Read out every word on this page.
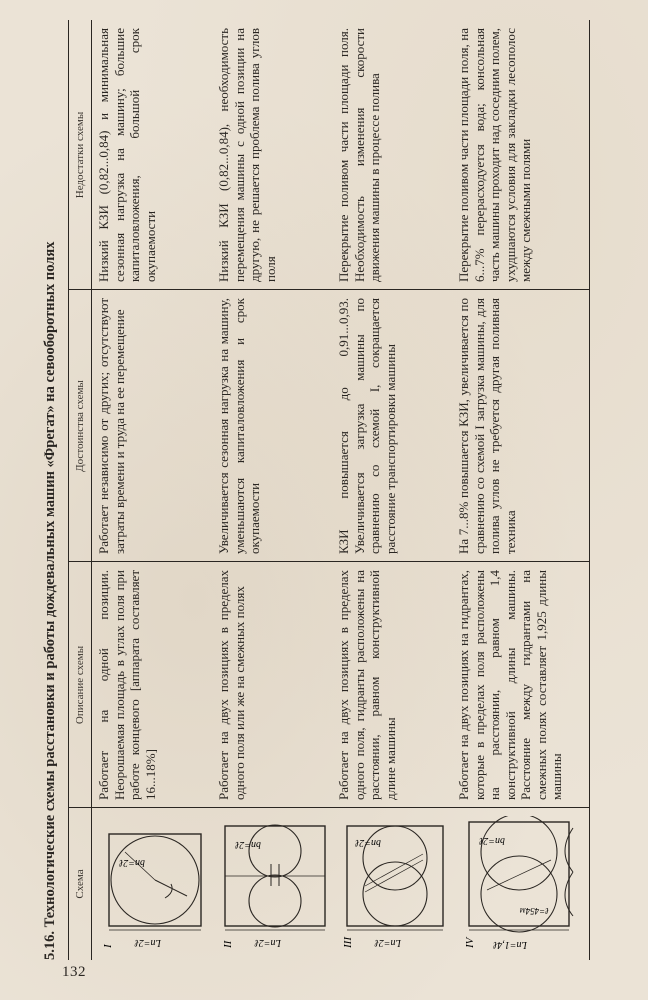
132
5.16. Технологические схемы расстановки и работы дождевальных машин «Фрегат» на севооборотных полях	Схема
Описание схемы
Достоинства схемы
Недостатки схемы
I Lп=2ℓ
bп=2ℓ
Работает на одной позиции. Неорошаемая площадь в углах поля при работе концевого [аппарата составляет 16...18%]
Работает независимо от других; отсутствуют затраты времени и труда на ее перемещение
Низкий КЗИ (0,82...0,84) и минимальная сезонная нагрузка на машину; большие капиталовложения, большой срок окупаемости
II Lп=2ℓ
bп=2ℓ
Работает на двух позициях в пределах одного поля или же на смежных полях
Увеличивается сезонная нагрузка на машину, уменьшаются капиталовложения и срок окупаемости
Низкий КЗИ (0,82...0,84), необходимость перемещения машины с одной позиции на другую, не решается проблема полива углов поля
III Lп=2ℓ
bп=2ℓ
Работает на двух позициях в пределах одного поля, гидранты расположены на расстоянии, равном конструктивной длине машины
КЗИ повышается до 0,91...0,93. Увеличивается загрузка машины по сравнению со схемой I, сокращается расстояние транспортировки машины
Перекрытие поливом части площади поля. Необходимость изменения скорости движения машины в процессе полива
IV Lп=1,4ℓ
ℓ=454м
bп=2ℓ
Работает на двух позициях на гидрантах, которые в пределах поля расположены на расстоянии, равном 1,4 конструктивной длины машины. Расстояние между гидрантами на смежных полях составляет 1,925 длины машины
На 7...8% повышается КЗИ, увеличивается по сравнению со схемой I загрузка машины, для полива углов не требуется другая поливная техника
Перекрытие поливом части площади поля, на 6...7% перерасходуется вода; консольная часть машины проходит над соседним полем, ухудшаются условия для закладки лесополос между смежными полями
